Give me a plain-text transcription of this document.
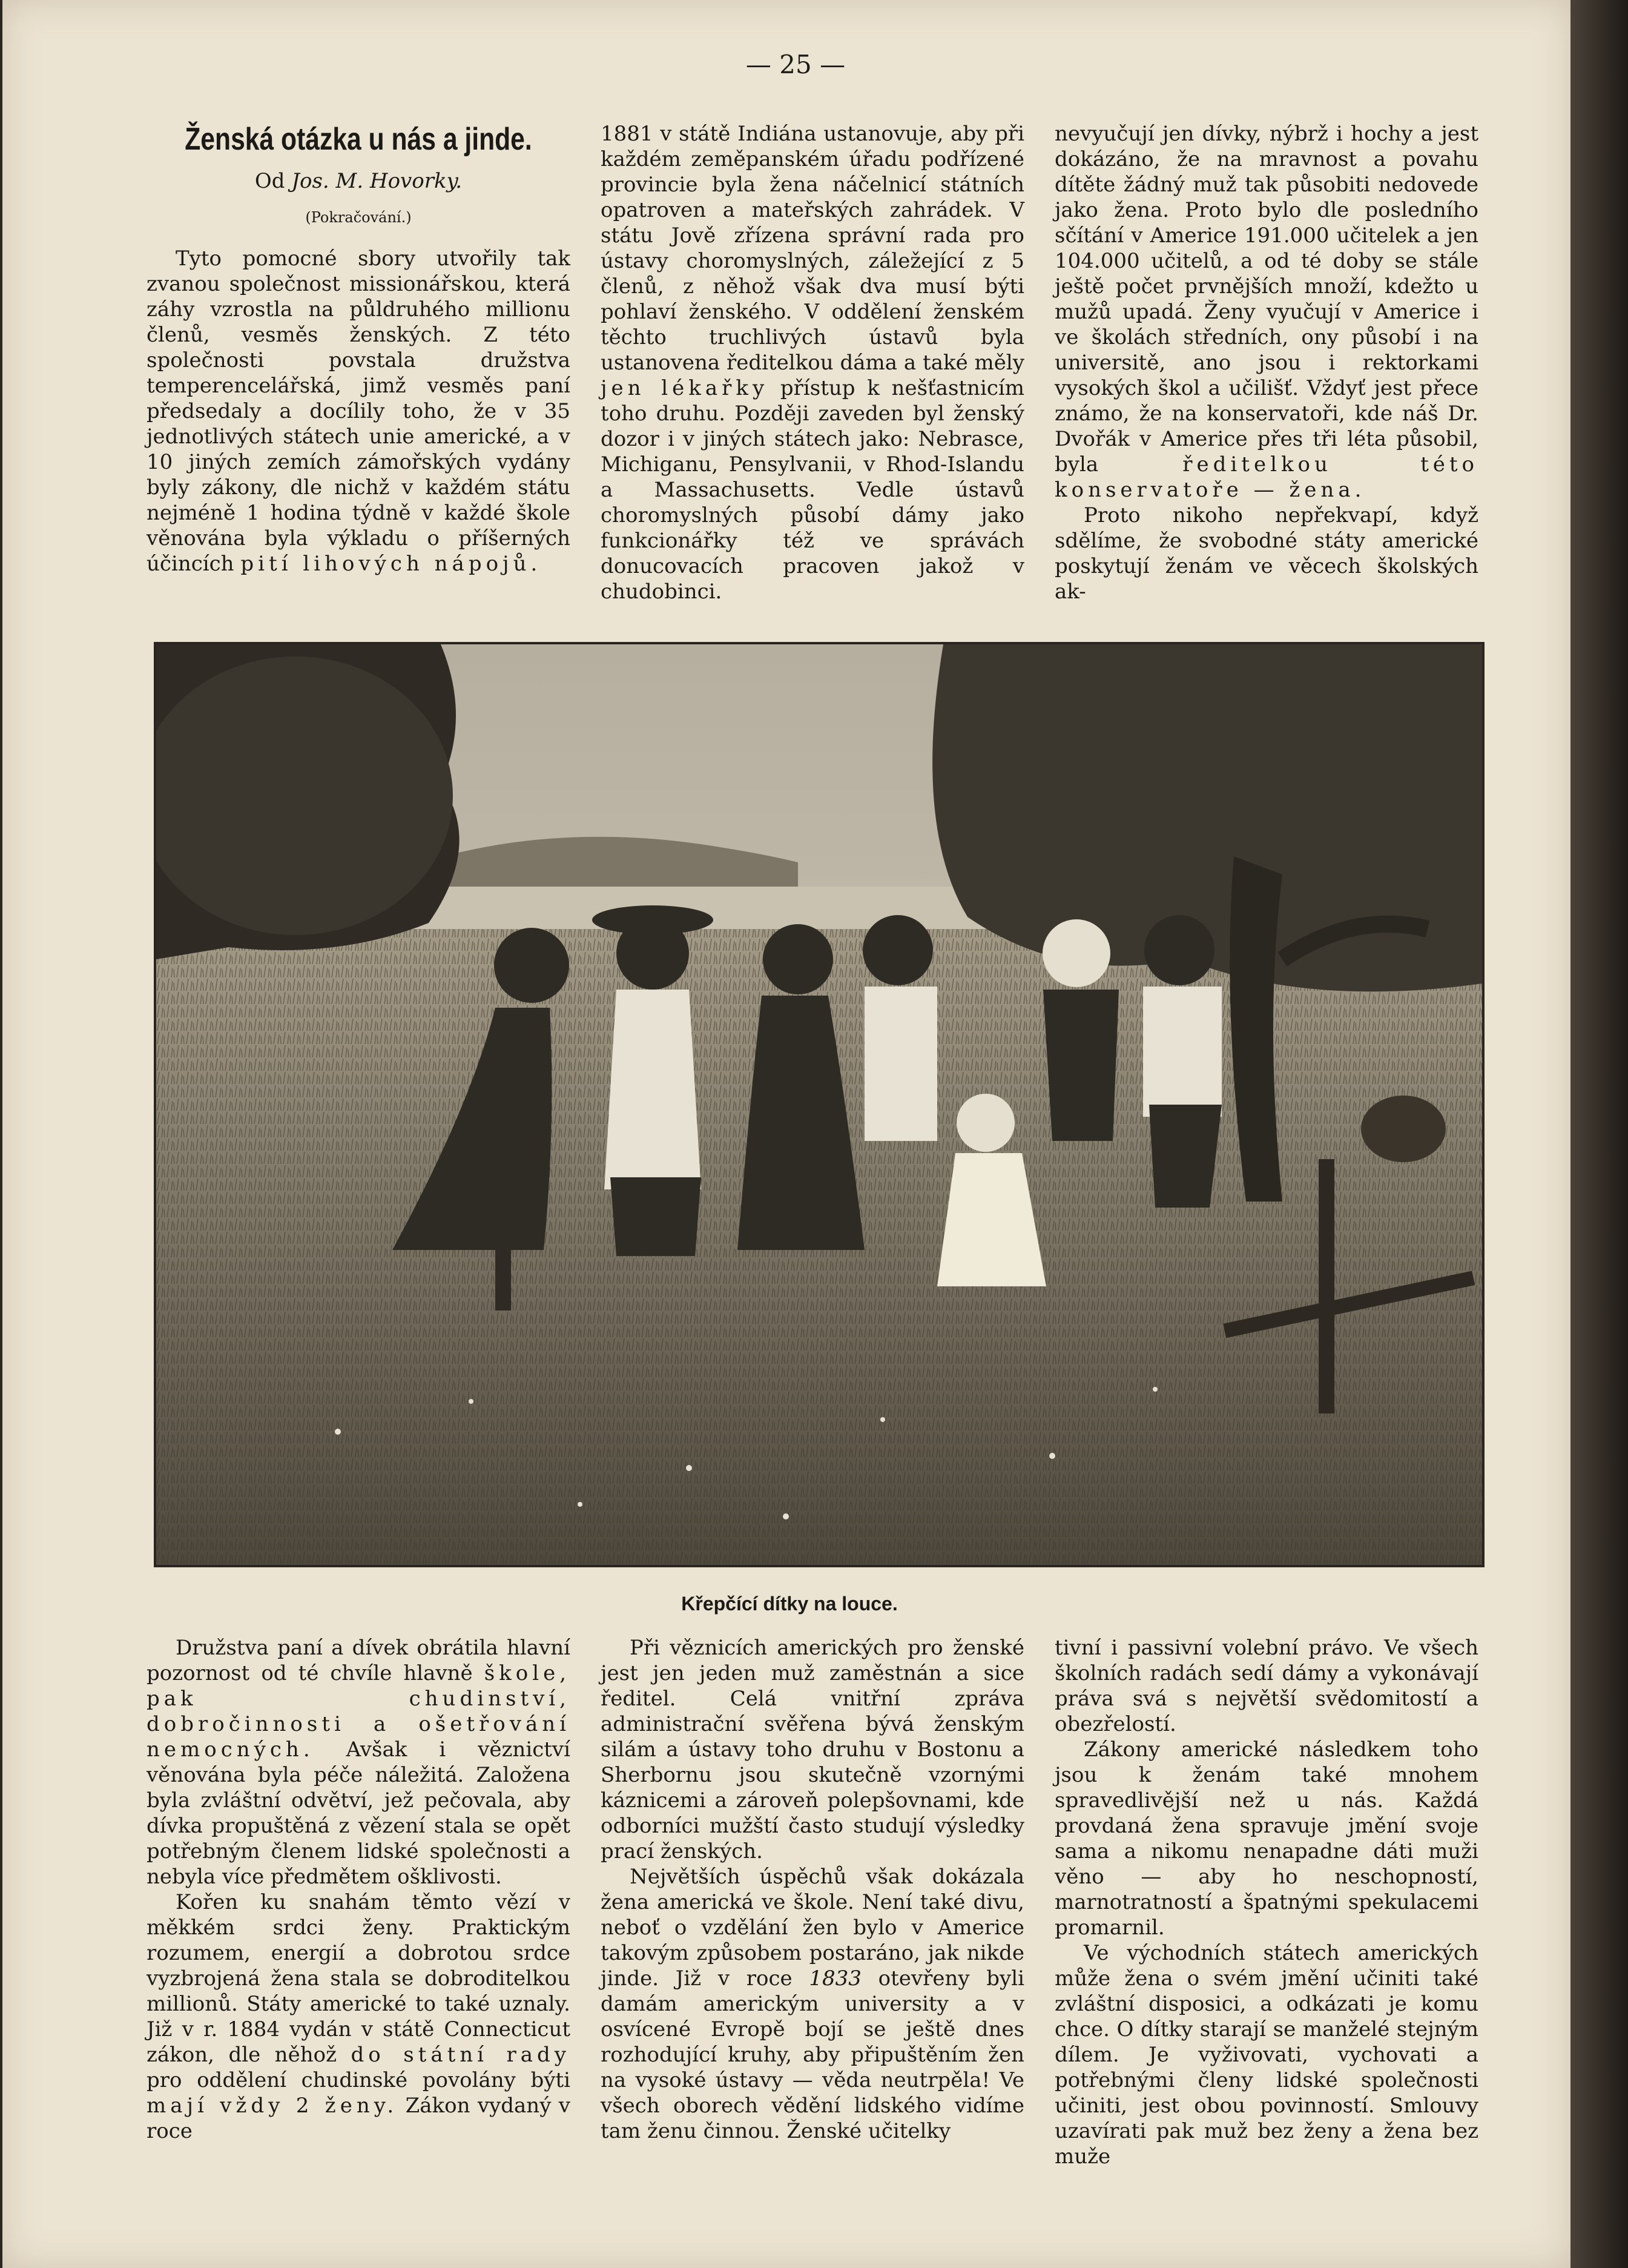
— 25 —
Ženská otázka u nás a jinde.
Od Jos. M. Hovorky.
(Pokračování.)

Tyto pomocné sbory utvořily tak zvanou společnost missionářskou, která záhy vzrostla na půldruhého millionu členů, vesměs ženských. Z této společnosti povstala družstva temperencelářská, jimž vesměs paní předsedaly a docílily toho, že v 35 jednotlivých státech unie americké, a v 10 jiných zemích zámořských vydány byly zákony, dle nichž v každém státu nejméně 1 hodina týdně v každé škole věnována byla výkladu o příšerných účincích pití lihových nápojů.

1881 v státě Indiána ustanovuje, aby při každém zeměpanském úřadu podřízené provincie byla žena náčelnicí státních opatroven a mateřských zahrádek. V státu Jově zřízena správní rada pro ústavy choromyslných, záležející z 5 členů, z něhož však dva musí býti pohlaví ženského. V oddělení ženském těchto truchlivých ústavů byla ustanovena ředitelkou dáma a také měly jen lékařky přístup k nešťastnicím toho druhu. Později zaveden byl ženský dozor i v jiných státech jako: Nebrasce, Michiganu, Pensylvanii, v Rhod-Islandu a Massachusetts. Vedle ústavů choromyslných působí dámy jako funkcionářky též ve správách donucovacích pracoven jakož v chudobinci.

nevyučují jen dívky, nýbrž i hochy a jest dokázáno, že na mravnost a povahu dítěte žádný muž tak působiti nedovede jako žena. Proto bylo dle posledního sčítání v Americe 191.000 učitelek a jen 104.000 učitelů, a od té doby se stále ještě počet prvnějších množí, kdežto u mužů upadá. Ženy vyučují v Americe i ve školách středních, ony působí i na universitě, ano jsou i rektorkami vysokých škol a učilišť. Vždyť jest přece známo, že na konservatoři, kde náš Dr. Dvořák v Americe přes tři léta působil, byla	ředitelkou této konservatoře — žena.

Proto nikoho nepřekvapí, když sdělíme, že svobodné státy americké poskytují ženám ve věcech školských ak-

Křepčící dítky na louce.

Družstva paní a dívek obrátila hlavní pozornost od té chvíle hlavně škole, pak chudinství, dobročinnosti a ošetřování nemocných. Avšak i věznictví věnována byla péče náležitá. Založena byla zvláštní odvětví, jež pečovala, aby dívka propuštěná z vězení stala se opět potřebným členem lidské společnosti a nebyla více předmětem ošklivosti.

Kořen ku snahám těmto vězí v měkkém srdci ženy. Praktickým rozumem, energií a dobrotou srdce vyzbrojená žena stala se dobroditelkou millionů. Státy americké to také uznaly. Již v r. 1884 vydán v státě Connecticut zákon, dle něhož do státní rady pro oddělení chudinské povolány býti mají vždy 2 ženy. Zákon vydaný v roce

Při věznicích amerických pro ženské jest jen jeden muž zaměstnán a sice ředitel. Celá vnitřní zpráva administrační svěřena bývá ženským silám a ústavy toho druhu v Bostonu a Sherbornu jsou skutečně vzornými káznicemi a zároveň polepšovnami, kde odborníci mužští často studují výsledky prací ženských.

Největších úspěchů však dokázala žena americká ve škole. Není také divu, neboť o vzdělání žen bylo v Americe takovým způsobem postaráno, jak nikde jinde. Již v roce 1833 otevřeny byli damám americkým university a v osvícené Evropě bojí se ještě dnes rozhodující kruhy, aby připuštěním žen na vysoké ústavy — věda neutrpěla! Ve všech oborech vědění lidského vidíme tam ženu činnou. Ženské učitelky

tivní i passivní volební právo. Ve všech školních radách sedí dámy a vykonávají práva svá s největší svědomitostí a obezřelostí.

Zákony americké následkem toho jsou k ženám také mnohem spravedlivější než u nás. Každá provdaná žena spravuje jmění svoje sama a nikomu nenapadne dáti muži věno — aby ho neschopností, marnotratností a špatnými spekulacemi promarnil.

Ve východních státech amerických může žena o svém jmění učiniti také zvláštní disposici, a odkázati je komu chce. O dítky starají se manželé stejným dílem. Je vyživovati, vychovati a potřebnými členy lidské společnosti učiniti, jest obou povinností. Smlouvy uzavírati pak muž bez ženy a žena bez muže
